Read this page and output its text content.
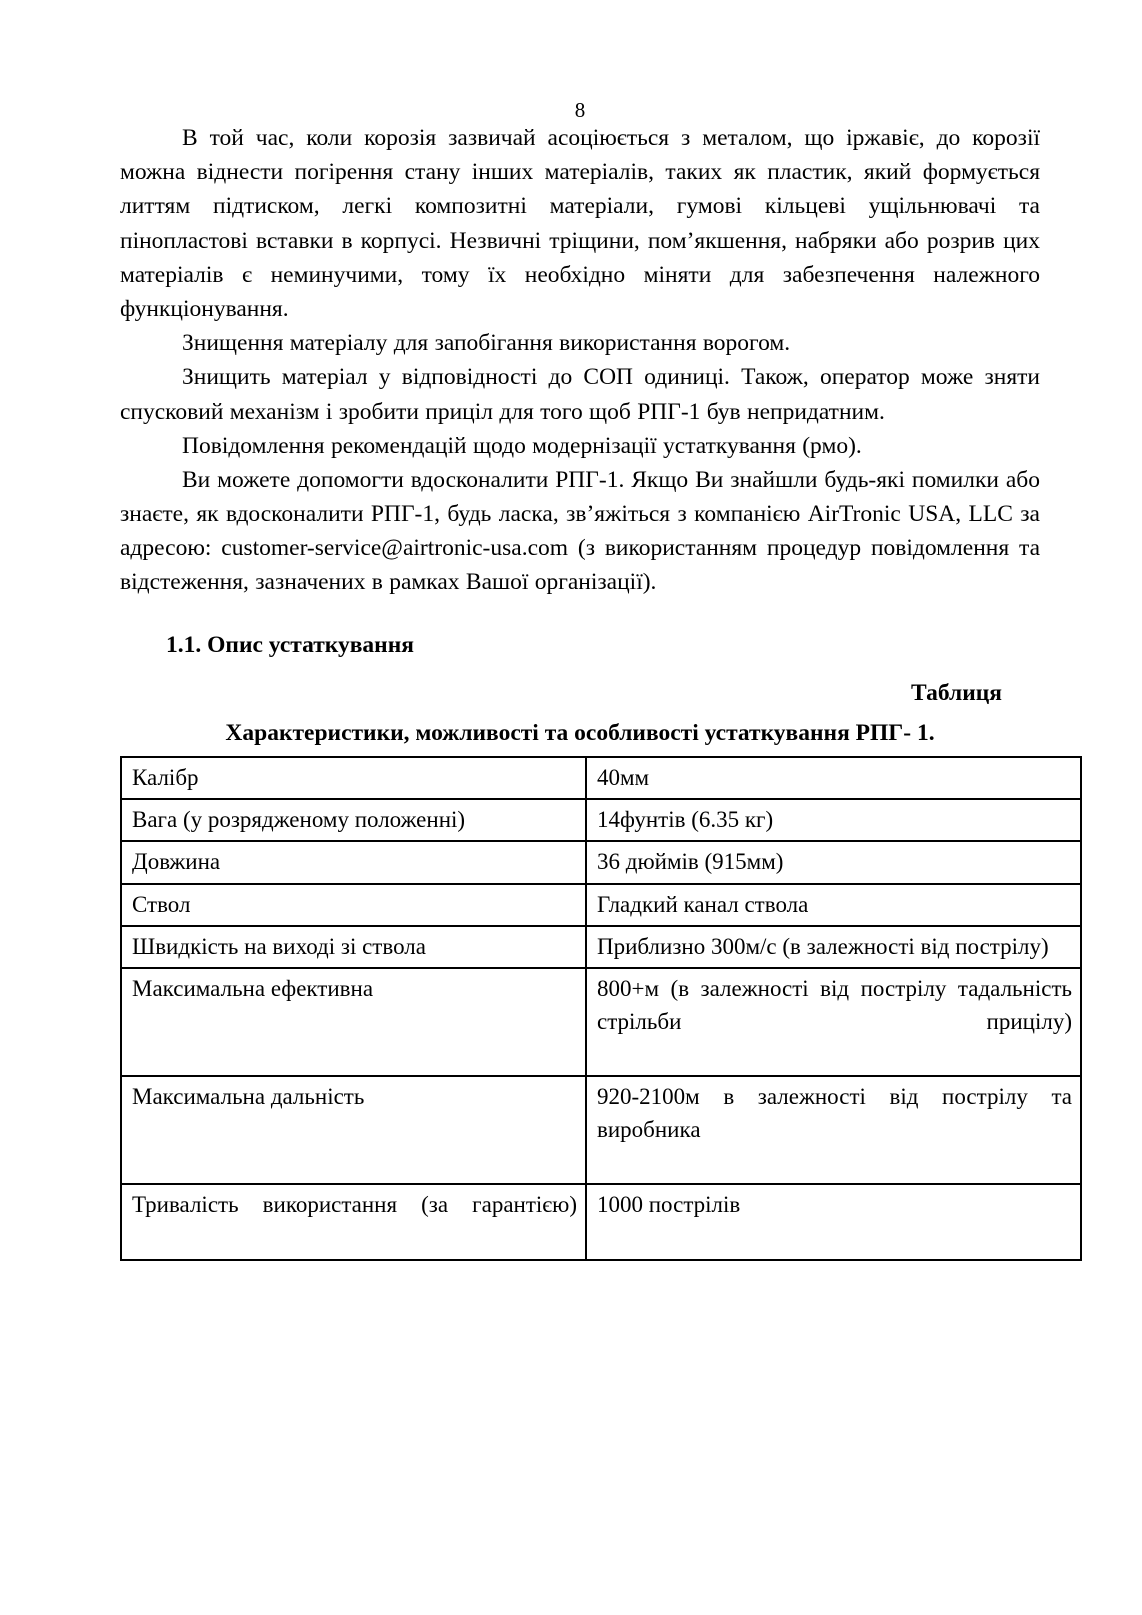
8

В той час, коли корозія зазвичай асоціюється з металом, що іржавіє, до корозії можна віднести погірення стану інших матеріалів, таких як пластик, який формується литтям підтиском, легкі композитні матеріали, гумові кільцеві ущільнювачі та пінопластові вставки в корпусі. Незвичні тріщини, пом’якшення, набряки або розрив цих матеріалів є неминучими, тому їх необхідно міняти для забезпечення належного функціонування.

Знищення матеріалу для запобігання використання ворогом.

Знищить матеріал у відповідності до СОП одиниці. Також, оператор може зняти спусковий механізм і зробити приціл для того щоб РПГ-1 був непридатним.

Повідомлення рекомендацій щодо модернізації устаткування (рмо).

Ви можете допомогти вдосконалити РПГ-1. Якщо Ви знайшли будь-які помилки або знаєте, як вдосконалити РПГ-1, будь ласка, зв’яжіться з компанією AirTronic USA, LLC за адресою: customer-service@airtronic-usa.com (з використанням процедур повідомлення та відстеження, зазначених в рамках Вашої організації).

1.1. Опис устаткування
Таблиця
Характеристики, можливості та особливості устаткування РПГ- 1.
Калібр	40мм
Вага (у розрядженому положенні)	14фунтів (6.35 кг)
Довжина	36 дюймів (915мм)
Ствол	Гладкий канал ствола
Швидкість на виході зі ствола	Приблизно 300м/с (в залежності від пострілу)
Максимальна ефективна	800+м (в залежності від пострілу тадальність стрільби прицілу)
Максимальна дальність	920-2100м в залежності від пострілу та виробника
Тривалість використання (за гарантією)	1000 пострілів
